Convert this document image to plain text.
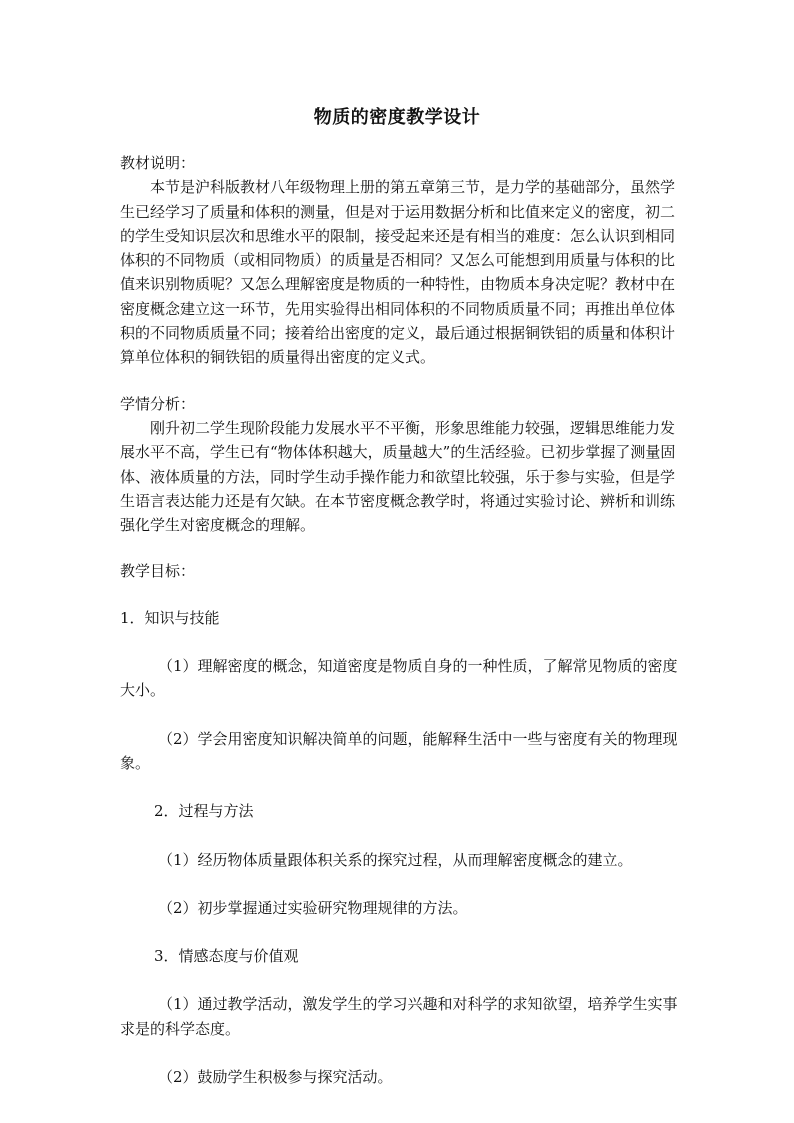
物质的密度教学设计

教材说明：

本节是沪科版教材八年级物理上册的第五章第三节，是力学的基础部分，虽然学生已经学习了质量和体积的测量，但是对于运用数据分析和比值来定义的密度，初二的学生受知识层次和思维水平的限制，接受起来还是有相当的难度：怎么认识到相同体积的不同物质（或相同物质）的质量是否相同？又怎么可能想到用质量与体积的比值来识别物质呢？又怎么理解密度是物质的一种特性，由物质本身决定呢？教材中在密度概念建立这一环节，先用实验得出相同体积的不同物质质量不同；再推出单位体积的不同物质质量不同；接着给出密度的定义，最后通过根据铜铁铝的质量和体积计算单位体积的铜铁铝的质量得出密度的定义式。

学情分析：

刚升初二学生现阶段能力发展水平不平衡，形象思维能力较强，逻辑思维能力发展水平不高，学生已有“物体体积越大，质量越大”的生活经验。已初步掌握了测量固体、液体质量的方法，同时学生动手操作能力和欲望比较强，乐于参与实验，但是学生语言表达能力还是有欠缺。在本节密度概念教学时，将通过实验讨论、辨析和训练强化学生对密度概念的理解。

教学目标：

1．知识与技能

（1）理解密度的概念，知道密度是物质自身的一种性质，了解常见物质的密度大小。

（2）学会用密度知识解决简单的问题，能解释生活中一些与密度有关的物理现象。

2．过程与方法

（1）经历物体质量跟体积关系的探究过程，从而理解密度概念的建立。

（2）初步掌握通过实验研究物理规律的方法。

3．情感态度与价值观

（1）通过教学活动，激发学生的学习兴趣和对科学的求知欲望，培养学生实事求是的科学态度。

（2）鼓励学生积极参与探究活动。
